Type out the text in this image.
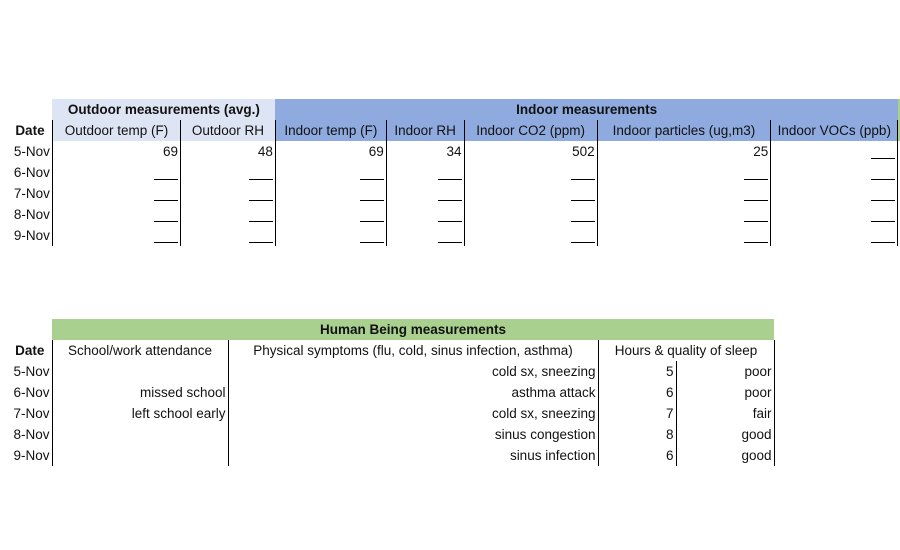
	Outdoor measurements (avg.)		Indoor measurements					
Date	Outdoor temp (F)	Outdoor RH	Indoor temp (F)	Indoor RH	Indoor CO2 (ppm)	Indoor particles (ug,m3)	Indoor VOCs (ppb)	
5-Nov	69	48	69	34	502	25		
6-Nov								
7-Nov								
8-Nov								
9-Nov								
	Human Being measurements			
Date	School/work attendance	Physical symptoms (flu, cold, sinus infection, asthma)	Hours & quality of sleep	
5-Nov		cold sx, sneezing	5	poor
6-Nov	missed school	asthma attack	6	poor
7-Nov	left school early	cold sx, sneezing	7	fair
8-Nov		sinus congestion	8	good
9-Nov		sinus infection	6	good
